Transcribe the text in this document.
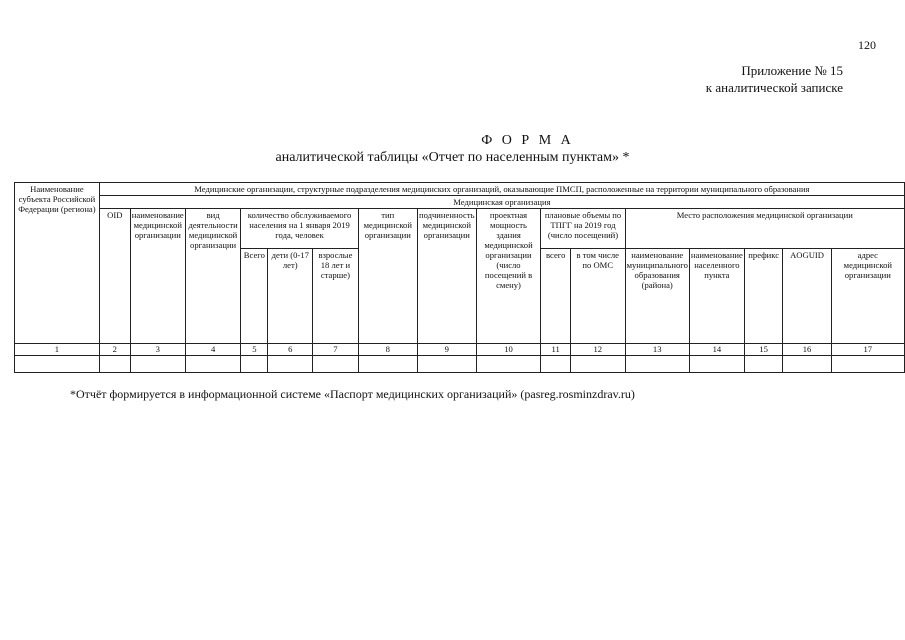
120
Приложение № 15
к аналитической записке
Ф О Р М А
аналитической таблицы «Отчет по населенным пунктам» *
Наименование субъекта Российской Федерации (региона)	Медицинские организации, структурные подразделения медицинских организаций, оказывающие ПМСП, расположенные на территории муниципального образования															
	Медицинская организация															
	OID	наименование медицинской организации	вид деятельности медицинской организации	количество обслуживаемого населения на 1 января 2019 года, человек			тип медицинской организации	подчиненность медицинской организации	проектная мощность здания медицинской организации (число посещений в смену)	плановые объемы по ТПГГ на 2019 год (число посещений)		Место расположения медицинской организации				
				Всего	дети (0-17 лет)	взрослые 18 лет и старше)				всего	в том числе по ОМС	наименование муниципального образования (района)	наименование населенного пункта	префикс	AOGUID	адрес медицинской организации
1	2	3	4	5	6	7	8	9	10	11	12	13	14	15	16	17

*Отчёт формируется в информационной системе «Паспорт медицинских организаций» (pasreg.rosminzdrav.ru)
